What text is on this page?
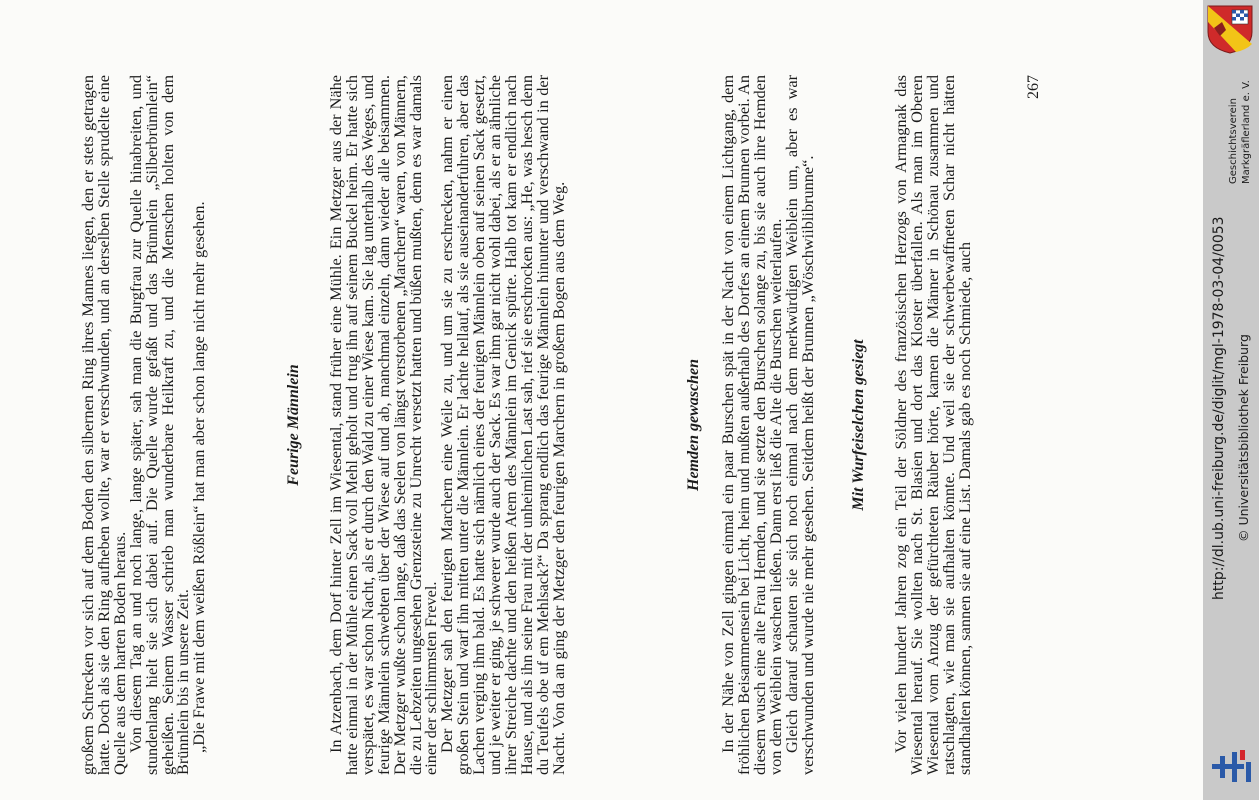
großem Schrecken vor sich auf dem Boden den silbernen Ring ihres Mannes liegen, den er stets getragen hatte. Doch als sie den Ring aufheben wollte, war er verschwunden, und an derselben Stelle sprudelte eine Quelle aus dem harten Boden heraus.

Von diesem Tag an und noch lange, lange später, sah man die Burgfrau zur Quelle hinabreiten, und stundenlang hielt sie sich dabei auf. Die Quelle wurde gefaßt und das Brünnlein „Silberbrünnlein“ geheißen. Seinem Wasser schrieb man wunderbare Heilkraft zu, und die Menschen holten von dem Brünnlein bis in unsere Zeit.

„Die Frawe mit dem weißen Rößlein“ hat man aber schon lange nicht mehr gesehen.	Feurige Männlein In Atzenbach, dem Dorf hinter Zell im Wiesental, stand früher eine Mühle. Ein Metzger aus der Nähe hatte einmal in der Mühle einen Sack voll Mehl geholt und trug ihn auf seinem Buckel heim. Er hatte sich verspätet, es war schon Nacht, als er durch den Wald zu einer Wiese kam. Sie lag unterhalb des Weges, und feurige Männlein schwebten über der Wiese auf und ab, manchmal einzeln, dann wieder alle beisammen. Der Metzger wußte schon lange, daß das Seelen von längst verstorbenen „Marchern“ waren, von Männern, die zu Lebzeiten ungesehen Grenzsteine zu Unrecht versetzt hatten und büßen mußten, denn es war damals einer der schlimmsten Frevel.

Der Metzger sah den feurigen Marchern eine Weile zu, und um sie zu erschrecken, nahm er einen großen Stein und warf ihn mitten unter die Männlein. Er lachte hellauf, als sie auseinanderfuhren, aber das Lachen verging ihm bald. Es hatte sich nämlich eines der feurigen Männlein oben auf seinen Sack gesetzt, und je weiter er ging, je schwerer wurde auch der Sack. Es war ihm gar nicht wohl dabei, als er an ähnliche ihrer Streiche dachte und den heißen Atem des Männlein im Genick spürte. Halb tot kam er endlich nach Hause, und als ihn seine Frau mit der unheimlichen Last sah, rief sie erschrocken aus: „He, was hesch denn du Teufels obe uf em Mehlsack?“ Da sprang endlich das feurige Männlein hinunter und verschwand in der Nacht. Von da an ging der Metzger den feurigen Marchern in großem Bogen aus dem Weg.	Hemden gewaschen In der Nähe von Zell gingen einmal ein paar Burschen spät in der Nacht von einem Lichtgang, dem fröhlichen Beisammensein bei Licht, heim und mußten außerhalb des Dorfes an einem Brunnen vorbei. An diesem wusch eine alte Frau Hemden, und sie setzte den Burschen solange zu, bis sie auch ihre Hemden von dem Weiblein waschen ließen. Dann erst ließ die Alte die Burschen weiterlaufen.

Gleich darauf schauten sie sich noch einmal nach dem merkwürdigen Weiblein um, aber es war verschwunden und wurde nie mehr gesehen. Seitdem heißt der Brunnen „Wöschwiiblibrunne“. Mit Wurfeiselchen gesiegt Vor vielen hundert Jahren zog ein Teil der Söldner des französischen Herzogs von Armagnak das Wiesental herauf. Sie wollten nach St. Blasien und dort das Kloster überfallen. Als man im Oberen Wiesental vom Anzug der gefürchteten Räuber hörte, kamen die Männer in Schönau zusammen und ratschlagten, wie man sie aufhalten könnte. Und weil sie der schwerbewaffneten Schar nicht hätten standhalten können, sannen sie auf eine List. Damals gab es noch Schmiede, auch

267
Geschichtsverein Markgräflerland e. V.
http://dl.ub.uni-freiburg.de/diglit/mgl-1978-03-04/0053 © Universitätsbibliothek Freiburg
